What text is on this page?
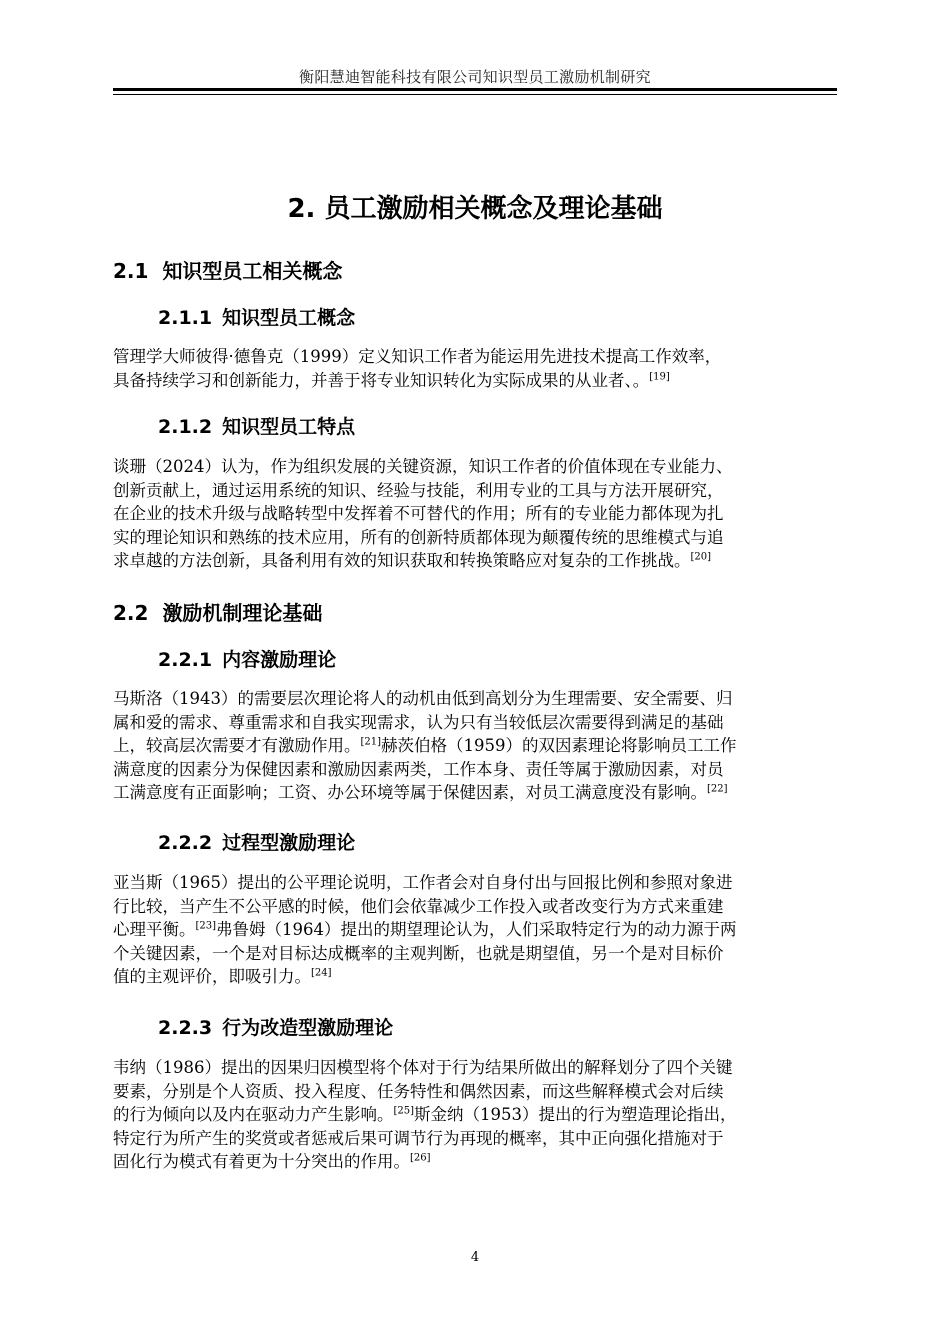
衡阳慧迪智能科技有限公司知识型员工激励机制研究
2. 员工激励相关概念及理论基础
2.1 知识型员工相关概念
2.1.1 知识型员工概念
管理学大师彼得·德鲁克（1999）定义知识工作者为能运用先进技术提高工作效率，
具备持续学习和创新能力，并善于将专业知识转化为实际成果的从业者、。[19]
2.1.2 知识型员工特点
谈珊（2024）认为，作为组织发展的关键资源，知识工作者的价值体现在专业能力、
创新贡献上，通过运用系统的知识、经验与技能，利用专业的工具与方法开展研究，
在企业的技术升级与战略转型中发挥着不可替代的作用；所有的专业能力都体现为扎
实的理论知识和熟练的技术应用，所有的创新特质都体现为颠覆传统的思维模式与追
求卓越的方法创新，具备利用有效的知识获取和转换策略应对复杂的工作挑战。[20]
2.2 激励机制理论基础
2.2.1 内容激励理论
马斯洛（1943）的需要层次理论将人的动机由低到高划分为生理需要、安全需要、归
属和爱的需求、尊重需求和自我实现需求，认为只有当较低层次需要得到满足的基础
上，较高层次需要才有激励作用。[21]赫茨伯格（1959）的双因素理论将影响员工工作
满意度的因素分为保健因素和激励因素两类，工作本身、责任等属于激励因素，对员
工满意度有正面影响；工资、办公环境等属于保健因素，对员工满意度没有影响。[22]
2.2.2 过程型激励理论
亚当斯（1965）提出的公平理论说明，工作者会对自身付出与回报比例和参照对象进
行比较，当产生不公平感的时候，他们会依靠减少工作投入或者改变行为方式来重建
心理平衡。[23]弗鲁姆（1964）提出的期望理论认为，人们采取特定行为的动力源于两
个关键因素，一个是对目标达成概率的主观判断，也就是期望值，另一个是对目标价
值的主观评价，即吸引力。[24]
2.2.3 行为改造型激励理论
韦纳（1986）提出的因果归因模型将个体对于行为结果所做出的解释划分了四个关键
要素，分别是个人资质、投入程度、任务特性和偶然因素，而这些解释模式会对后续
的行为倾向以及内在驱动力产生影响。[25]斯金纳（1953）提出的行为塑造理论指出，
特定行为所产生的奖赏或者惩戒后果可调节行为再现的概率，其中正向强化措施对于
固化行为模式有着更为十分突出的作用。[26]
4
